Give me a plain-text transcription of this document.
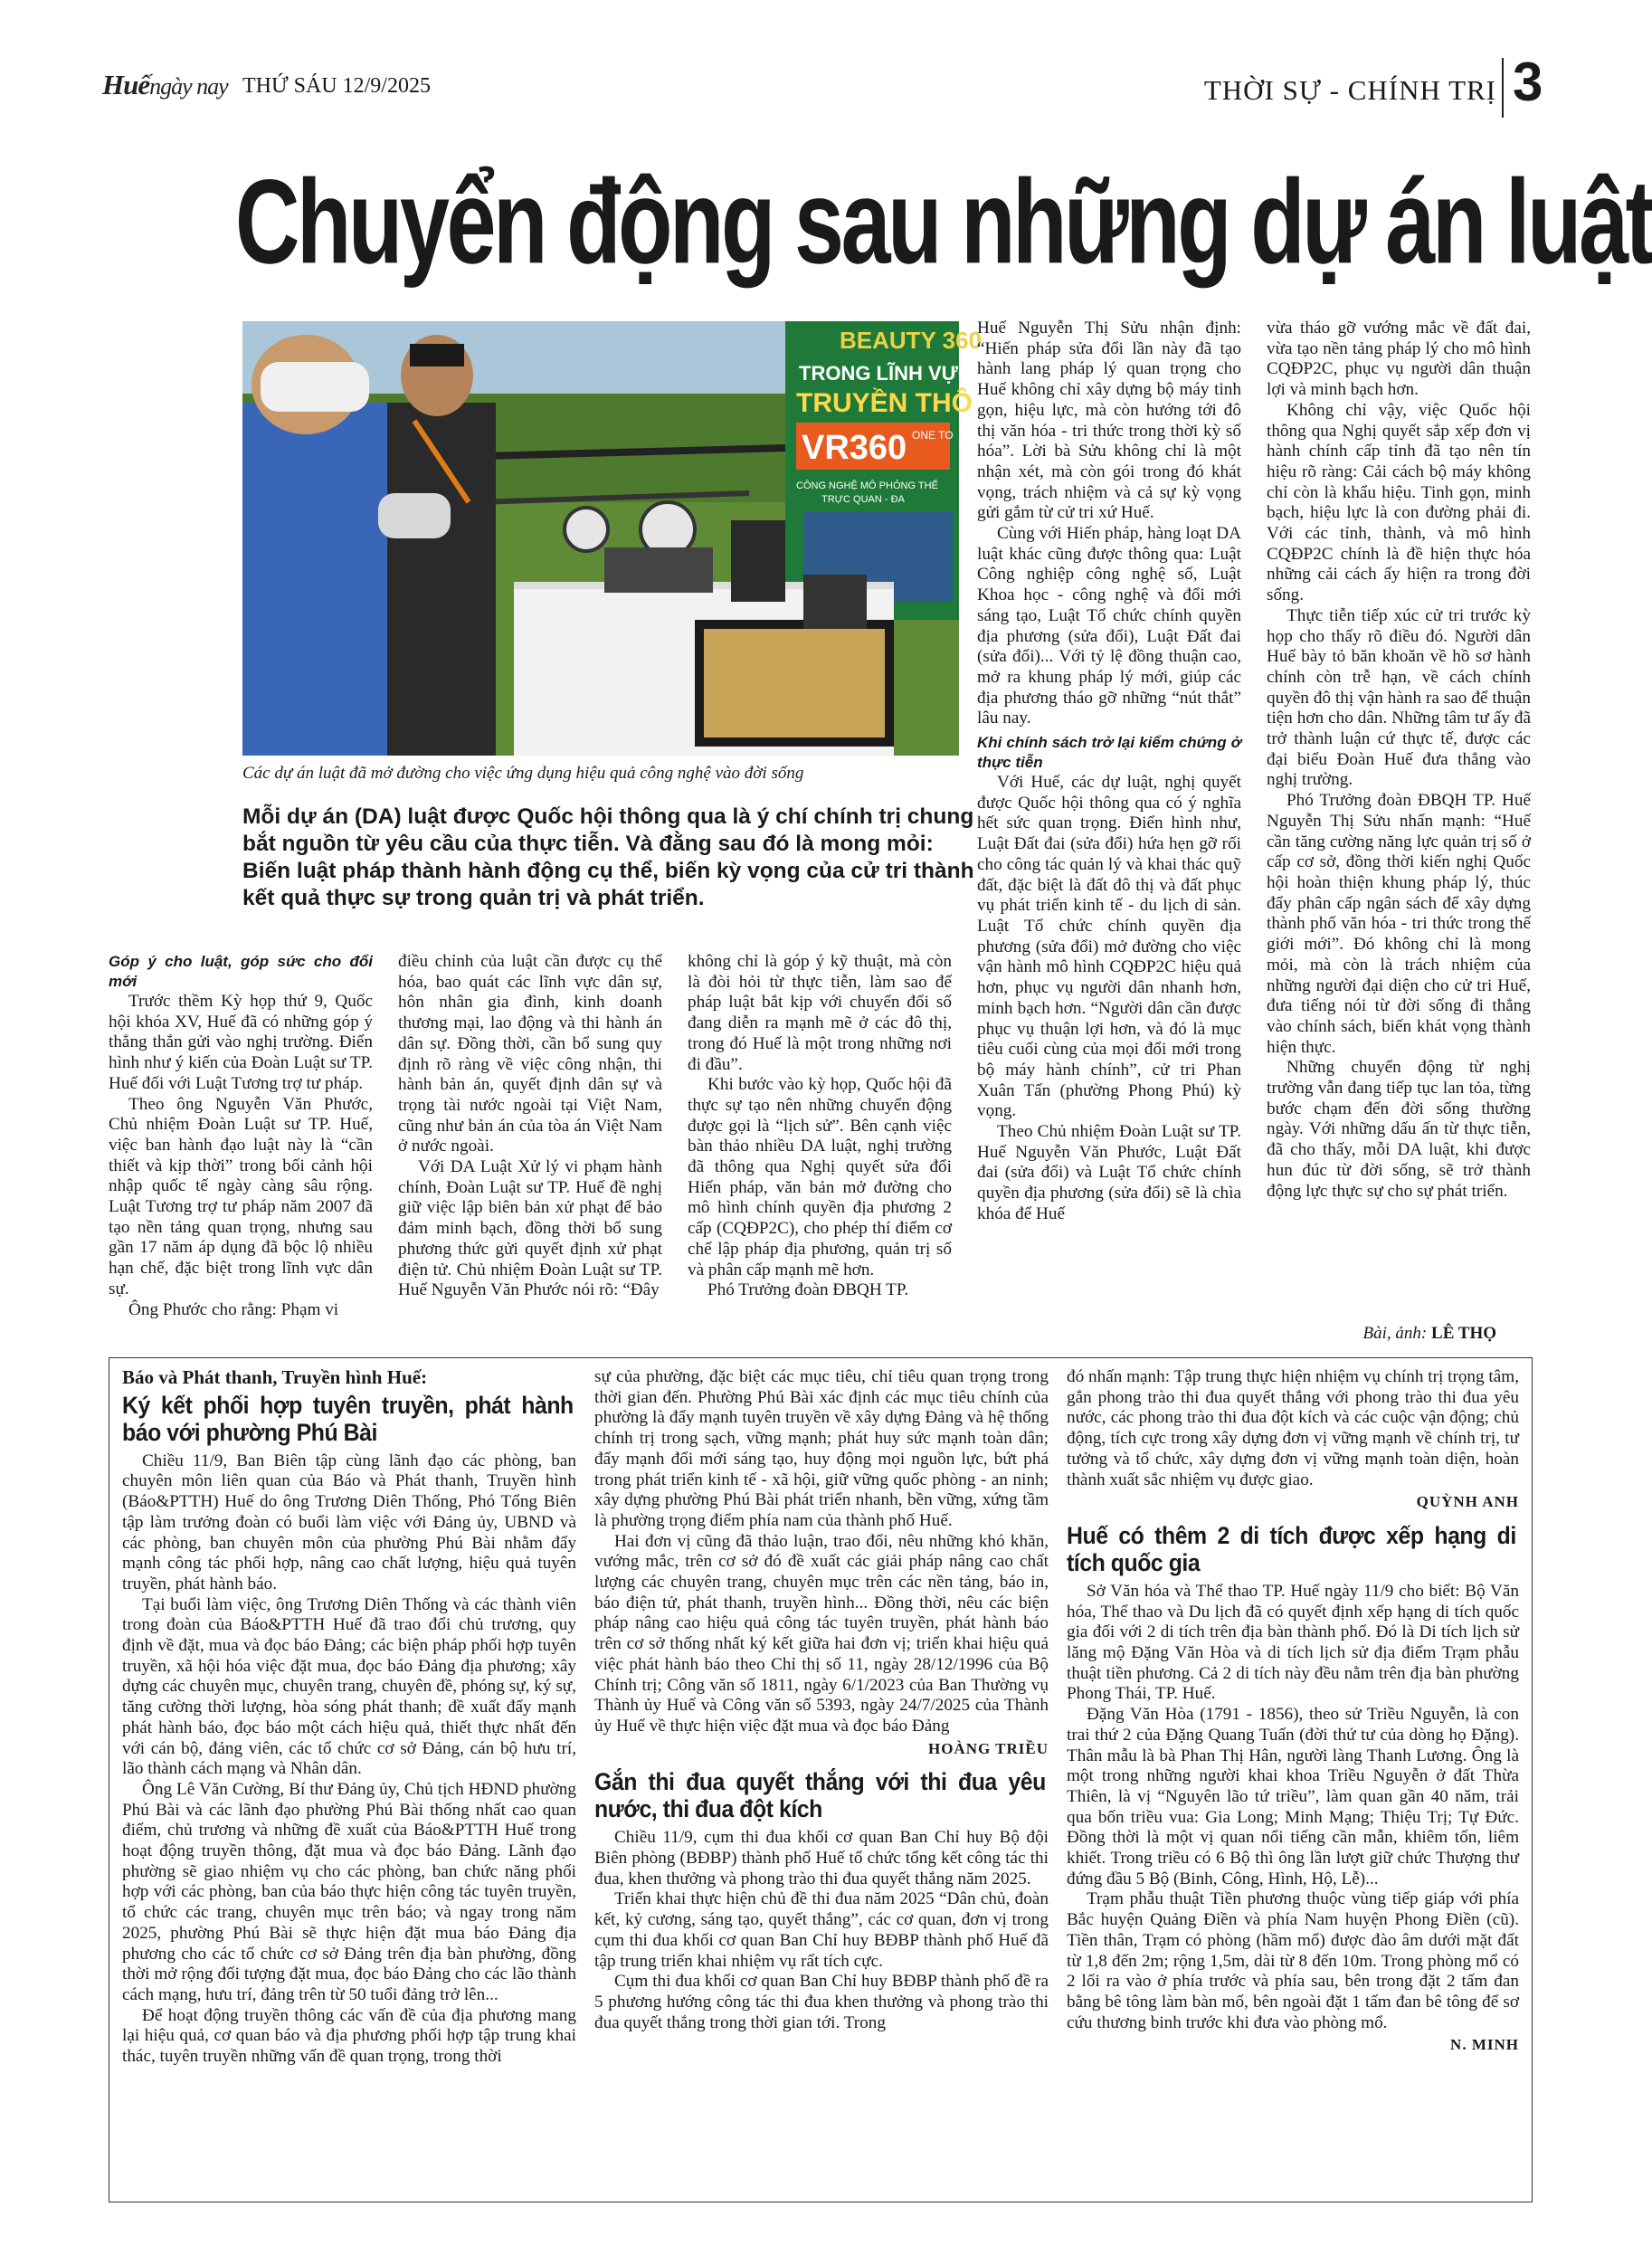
Huếngày nay THỨ SÁU 12/9/2025	THỜI SỰ - CHÍNH TRỊ 3
Chuyển động sau những dự án luật
BEAUTY 360
TRONG LĨNH VỰC
TRUYỀN THÔ
VR360 ONE TO
CÔNG NGHỆ MÔ PHỎNG THẾ
TRỰC QUAN - ĐA
Các dự án luật đã mở đường cho việc ứng dụng hiệu quả công nghệ vào đời sống
Mỗi dự án (DA) luật được Quốc hội thông qua là ý chí chính trị chung bắt nguồn từ yêu cầu của thực tiễn. Và đằng sau đó là mong mỏi: Biến luật pháp thành hành động cụ thể, biến kỳ vọng của cử tri thành kết quả thực sự trong quản trị và phát triển.

Góp ý cho luật, góp sức cho đổi mới

Trước thềm Kỳ họp thứ 9, Quốc hội khóa XV, Huế đã có những góp ý thẳng thắn gửi vào nghị trường. Điển hình như ý kiến của Đoàn Luật sư TP. Huế đối với Luật Tương trợ tư pháp.

Theo ông Nguyễn Văn Phước, Chủ nhiệm Đoàn Luật sư TP. Huế, việc ban hành đạo luật này là “cần thiết và kịp thời” trong bối cảnh hội nhập quốc tế ngày càng sâu rộng. Luật Tương trợ tư pháp năm 2007 đã tạo nền tảng quan trọng, nhưng sau gần 17 năm áp dụng đã bộc lộ nhiều hạn chế, đặc biệt trong lĩnh vực dân sự.

Ông Phước cho rằng: Phạm vi

điều chỉnh của luật cần được cụ thể hóa, bao quát các lĩnh vực dân sự, hôn nhân gia đình, kinh doanh thương mại, lao động và thi hành án dân sự. Đồng thời, cần bổ sung quy định rõ ràng về việc công nhận, thi hành bản án, quyết định dân sự và trọng tài nước ngoài tại Việt Nam, cũng như bản án của tòa án Việt Nam ở nước ngoài.

Với DA Luật Xử lý vi phạm hành chính, Đoàn Luật sư TP. Huế đề nghị giữ việc lập biên bản xử phạt để bảo đảm minh bạch, đồng thời bổ sung phương thức gửi quyết định xử phạt điện tử. Chủ nhiệm Đoàn Luật sư TP. Huế Nguyễn Văn Phước nói rõ: “Đây

không chỉ là góp ý kỹ thuật, mà còn là đòi hỏi từ thực tiễn, làm sao để pháp luật bắt kịp với chuyển đổi số đang diễn ra mạnh mẽ ở các đô thị, trong đó Huế là một trong những nơi đi đầu”.

Khi bước vào kỳ họp, Quốc hội đã thực sự tạo nên những chuyển động được gọi là “lịch sử”. Bên cạnh việc bàn thảo nhiều DA luật, nghị trường đã thông qua Nghị quyết sửa đổi Hiến pháp, văn bản mở đường cho mô hình chính quyền địa phương 2 cấp (CQĐP2C), cho phép thí điểm cơ chế lập pháp địa phương, quản trị số và phân cấp mạnh mẽ hơn.

Phó Trưởng đoàn ĐBQH TP.

Huế Nguyễn Thị Sửu nhận định: “Hiến pháp sửa đổi lần này đã tạo hành lang pháp lý quan trọng cho Huế không chỉ xây dựng bộ máy tinh gọn, hiệu lực, mà còn hướng tới đô thị văn hóa - tri thức trong thời kỳ số hóa”. Lời bà Sửu không chỉ là một nhận xét, mà còn gói trong đó khát vọng, trách nhiệm và cả sự kỳ vọng gửi gắm từ cử tri xứ Huế.

Cùng với Hiến pháp, hàng loạt DA luật khác cũng được thông qua: Luật Công nghiệp công nghệ số, Luật Khoa học - công nghệ và đổi mới sáng tạo, Luật Tổ chức chính quyền địa phương (sửa đổi), Luật Đất đai (sửa đổi)... Với tỷ lệ đồng thuận cao, mở ra khung pháp lý mới, giúp các địa phương tháo gỡ những “nút thắt” lâu nay.

Khi chính sách trở lại kiểm chứng ở thực tiễn

Với Huế, các dự luật, nghị quyết được Quốc hội thông qua có ý nghĩa hết sức quan trọng. Điển hình như, Luật Đất đai (sửa đổi) hứa hẹn gỡ rối cho công tác quản lý và khai thác quỹ đất, đặc biệt là đất đô thị và đất phục vụ phát triển kinh tế - du lịch di sản. Luật Tổ chức chính quyền địa phương (sửa đổi) mở đường cho việc vận hành mô hình CQĐP2C hiệu quả hơn, phục vụ người dân nhanh hơn, minh bạch hơn. “Người dân cần được phục vụ thuận lợi hơn, và đó là mục tiêu cuối cùng của mọi đổi mới trong bộ máy hành chính”, cử tri Phan Xuân Tấn (phường Phong Phú) kỳ vọng.

Theo Chủ nhiệm Đoàn Luật sư TP. Huế Nguyễn Văn Phước, Luật Đất đai (sửa đổi) và Luật Tổ chức chính quyền địa phương (sửa đổi) sẽ là chìa khóa để Huế

vừa tháo gỡ vướng mắc về đất đai, vừa tạo nền tảng pháp lý cho mô hình CQĐP2C, phục vụ người dân thuận lợi và minh bạch hơn.

Không chỉ vậy, việc Quốc hội thông qua Nghị quyết sắp xếp đơn vị hành chính cấp tỉnh đã tạo nên tín hiệu rõ ràng: Cải cách bộ máy không chỉ còn là khẩu hiệu. Tinh gọn, minh bạch, hiệu lực là con đường phải đi. Với các tỉnh, thành, và mô hình CQĐP2C chính là đề hiện thực hóa những cải cách ấy hiện ra trong đời sống.

Thực tiễn tiếp xúc cử tri trước kỳ họp cho thấy rõ điều đó. Người dân Huế bày tỏ băn khoăn về hồ sơ hành chính còn trễ hạn, về cách chính quyền đô thị vận hành ra sao để thuận tiện hơn cho dân. Những tâm tư ấy đã trở thành luận cứ thực tế, được các đại biểu Đoàn Huế đưa thẳng vào nghị trường.

Phó Trưởng đoàn ĐBQH TP. Huế Nguyễn Thị Sửu nhấn mạnh: “Huế cần tăng cường năng lực quản trị số ở cấp cơ sở, đồng thời kiến nghị Quốc hội hoàn thiện khung pháp lý, thúc đẩy phân cấp ngân sách để xây dựng thành phố văn hóa - tri thức trong thế giới mới”. Đó không chỉ là mong mỏi, mà còn là trách nhiệm của những người đại diện cho cử tri Huế, đưa tiếng nói từ đời sống đi thẳng vào chính sách, biến khát vọng thành hiện thực.

Những chuyển động từ nghị trường vẫn đang tiếp tục lan tỏa, từng bước chạm đến đời sống thường ngày. Với những dấu ấn từ thực tiễn, đã cho thấy, mỗi DA luật, khi được hun đúc từ đời sống, sẽ trở thành động lực thực sự cho sự phát triển.

Bài, ảnh: LÊ THỌ
Báo và Phát thanh, Truyền hình Huế:
Ký kết phối hợp tuyên truyền, phát hành báo với phường Phú Bài

Chiều 11/9, Ban Biên tập cùng lãnh đạo các phòng, ban chuyên môn liên quan của Báo và Phát thanh, Truyền hình (Báo&PTTH) Huế do ông Trương Diên Thống, Phó Tổng Biên tập làm trưởng đoàn có buổi làm việc với Đảng ủy, UBND và các phòng, ban chuyên môn của phường Phú Bài nhằm đẩy mạnh công tác phối hợp, nâng cao chất lượng, hiệu quả tuyên truyền, phát hành báo.

Tại buổi làm việc, ông Trương Diên Thống và các thành viên trong đoàn của Báo&PTTH Huế đã trao đổi chủ trương, quy định về đặt, mua và đọc báo Đảng; các biện pháp phối hợp tuyên truyền, xã hội hóa việc đặt mua, đọc báo Đảng địa phương; xây dựng các chuyên mục, chuyên trang, chuyên đề, phóng sự, ký sự, tăng cường thời lượng, hòa sóng phát thanh; đề xuất đẩy mạnh phát hành báo, đọc báo một cách hiệu quả, thiết thực nhất đến với cán bộ, đảng viên, các tổ chức cơ sở Đảng, cán bộ hưu trí, lão thành cách mạng và Nhân dân.

Ông Lê Văn Cường, Bí thư Đảng ủy, Chủ tịch HĐND phường Phú Bài và các lãnh đạo phường Phú Bài thống nhất cao quan điểm, chủ trương và những đề xuất của Báo&PTTH Huế trong hoạt động truyền thông, đặt mua và đọc báo Đảng. Lãnh đạo phường sẽ giao nhiệm vụ cho các phòng, ban chức năng phối hợp với các phòng, ban của báo thực hiện công tác tuyên truyền, tổ chức các trang, chuyên mục trên báo; và ngay trong năm 2025, phường Phú Bài sẽ thực hiện đặt mua báo Đảng địa phương cho các tổ chức cơ sở Đảng trên địa bàn phường, đồng thời mở rộng đối tượng đặt mua, đọc báo Đảng cho các lão thành cách mạng, hưu trí, đảng trên từ 50 tuổi đảng trở lên...

Để hoạt động truyền thông các vấn đề của địa phương mang lại hiệu quả, cơ quan báo và địa phương phối hợp tập trung khai thác, tuyên truyền những vấn đề quan trọng, trong thời

sự của phường, đặc biệt các mục tiêu, chỉ tiêu quan trọng trong thời gian đến. Phường Phú Bài xác định các mục tiêu chính của phường là đẩy mạnh tuyên truyền về xây dựng Đảng và hệ thống chính trị trong sạch, vững mạnh; phát huy sức mạnh toàn dân; đẩy mạnh đổi mới sáng tạo, huy động mọi nguồn lực, bứt phá trong phát triển kinh tế - xã hội, giữ vững quốc phòng - an ninh; xây dựng phường Phú Bài phát triển nhanh, bền vững, xứng tầm là phường trọng điểm phía nam của thành phố Huế.

Hai đơn vị cũng đã thảo luận, trao đổi, nêu những khó khăn, vướng mắc, trên cơ sở đó đề xuất các giải pháp nâng cao chất lượng các chuyên trang, chuyên mục trên các nền tảng, báo in, báo điện tử, phát thanh, truyền hình... Đồng thời, nêu các biện pháp nâng cao hiệu quả công tác tuyên truyền, phát hành báo trên cơ sở thống nhất ký kết giữa hai đơn vị; triển khai hiệu quả việc phát hành báo theo Chỉ thị số 11, ngày 28/12/1996 của Bộ Chính trị; Công văn số 1811, ngày 6/1/2023 của Ban Thường vụ Thành ủy Huế và Công văn số 5393, ngày 24/7/2025 của Thành ủy Huế về thực hiện việc đặt mua và đọc báo Đảng

HOÀNG TRIỀU

Gắn thi đua quyết thắng với thi đua yêu nước, thi đua đột kích

Chiều 11/9, cụm thi đua khối cơ quan Ban Chỉ huy Bộ đội Biên phòng (BĐBP) thành phố Huế tổ chức tổng kết công tác thi đua, khen thưởng và phong trào thi đua quyết thắng năm 2025.

Triển khai thực hiện chủ đề thi đua năm 2025 “Dân chủ, đoàn kết, kỷ cương, sáng tạo, quyết thắng”, các cơ quan, đơn vị trong cụm thi đua khối cơ quan Ban Chỉ huy BĐBP thành phố Huế đã tập trung triển khai nhiệm vụ rất tích cực.

Cụm thi đua khối cơ quan Ban Chỉ huy BĐBP thành phố đề ra 5 phương hướng công tác thi đua khen thưởng và phong trào thi đua quyết thắng trong thời gian tới. Trong

đó nhấn mạnh: Tập trung thực hiện nhiệm vụ chính trị trọng tâm, gắn phong trào thi đua quyết thắng với phong trào thi đua yêu nước, các phong trào thi đua đột kích và các cuộc vận động; chủ động, tích cực trong xây dựng đơn vị vững mạnh về chính trị, tư tưởng và tổ chức, xây dựng đơn vị vững mạnh toàn diện, hoàn thành xuất sắc nhiệm vụ được giao.

QUỲNH ANH

Huế có thêm 2 di tích được xếp hạng di tích quốc gia

Sở Văn hóa và Thể thao TP. Huế ngày 11/9 cho biết: Bộ Văn hóa, Thể thao và Du lịch đã có quyết định xếp hạng di tích quốc gia đối với 2 di tích trên địa bàn thành phố. Đó là Di tích lịch sử lăng mộ Đặng Văn Hòa và di tích lịch sử địa điểm Trạm phẫu thuật tiền phương. Cả 2 di tích này đều nằm trên địa bàn phường Phong Thái, TP. Huế.

Đặng Văn Hòa (1791 - 1856), theo sử Triều Nguyễn, là con trai thứ 2 của Đặng Quang Tuấn (đời thứ tư của dòng họ Đặng). Thân mẫu là bà Phan Thị Hân, người làng Thanh Lương. Ông là một trong những người khai khoa Triều Nguyễn ở đất Thừa Thiên, là vị “Nguyên lão tứ triều”, làm quan gần 40 năm, trải qua bốn triều vua: Gia Long; Minh Mạng; Thiệu Trị; Tự Đức. Đồng thời là một vị quan nổi tiếng cần mẫn, khiêm tốn, liêm khiết. Trong triều có 6 Bộ thì ông lần lượt giữ chức Thượng thư đứng đầu 5 Bộ (Binh, Công, Hình, Hộ, Lễ)...

Trạm phẫu thuật Tiền phương thuộc vùng tiếp giáp với phía Bắc huyện Quảng Điền và phía Nam huyện Phong Điền (cũ). Tiền thân, Trạm có phòng (hầm mổ) được đào âm dưới mặt đất từ 1,8 đến 2m; rộng 1,5m, dài từ 8 đến 10m. Trong phòng mổ có 2 lối ra vào ở phía trước và phía sau, bên trong đặt 2 tấm đan bằng bê tông làm bàn mổ, bên ngoài đặt 1 tấm đan bê tông để sơ cứu thương binh trước khi đưa vào phòng mổ.

N. MINH
